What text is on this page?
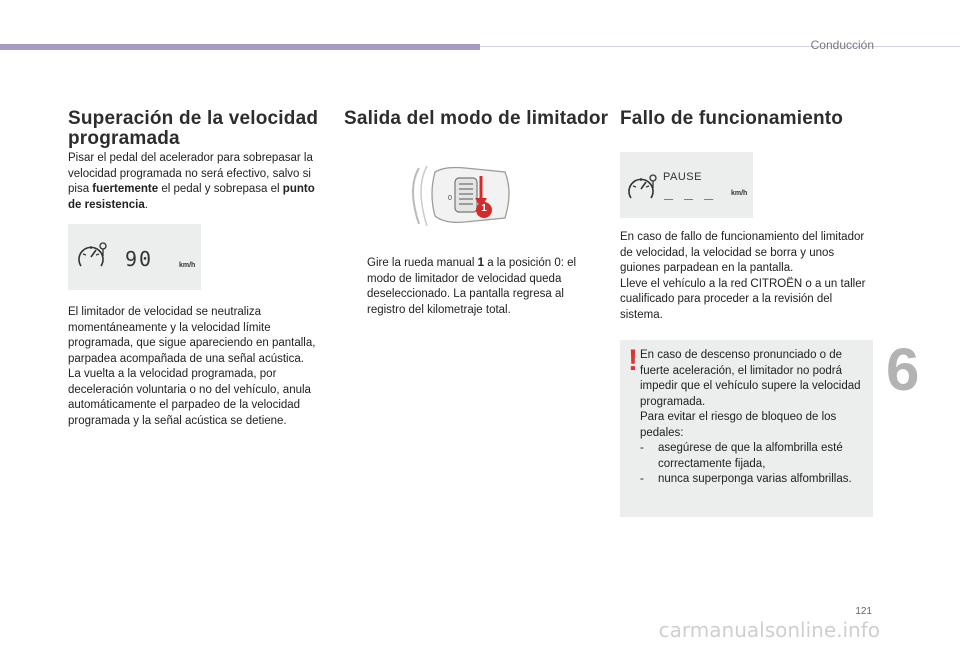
Conducción
Superación de la velocidad programada
Pisar el pedal del acelerador para sobrepasar la velocidad programada no será efectivo, salvo si pisa fuertemente el pedal y sobrepasa el punto de resistencia.
90	km/h
El limitador de velocidad se neutraliza momentáneamente y la velocidad límite programada, que sigue apareciendo en pantalla, parpadea acompañada de una señal acústica.
La vuelta a la velocidad programada, por deceleración voluntaria o no del vehículo, anula automáticamente el parpadeo de la velocidad programada y la señal acústica se detiene.
Salida del modo de limitador
0
1
Gire la rueda manual 1 a la posición 0: el modo de limitador de velocidad queda deseleccionado. La pantalla regresa al registro del kilometraje total.
Fallo de funcionamiento
PAUSE
_ _ _ km/h
En caso de fallo de funcionamiento del limitador de velocidad, la velocidad se borra y unos guiones parpadean en la pantalla.
Lleve el vehículo a la red CITROËN o a un taller cualificado para proceder a la revisión del sistema.
! En caso de descenso pronunciado o de fuerte aceleración, el limitador no podrá impedir que el vehículo supere la velocidad programada.
Para evitar el riesgo de bloqueo de los pedales:
-	asegúrese de que la alfombrilla esté correctamente fijada,
-	nunca superponga varias alfombrillas.
6
121
carmanualsonline.info
